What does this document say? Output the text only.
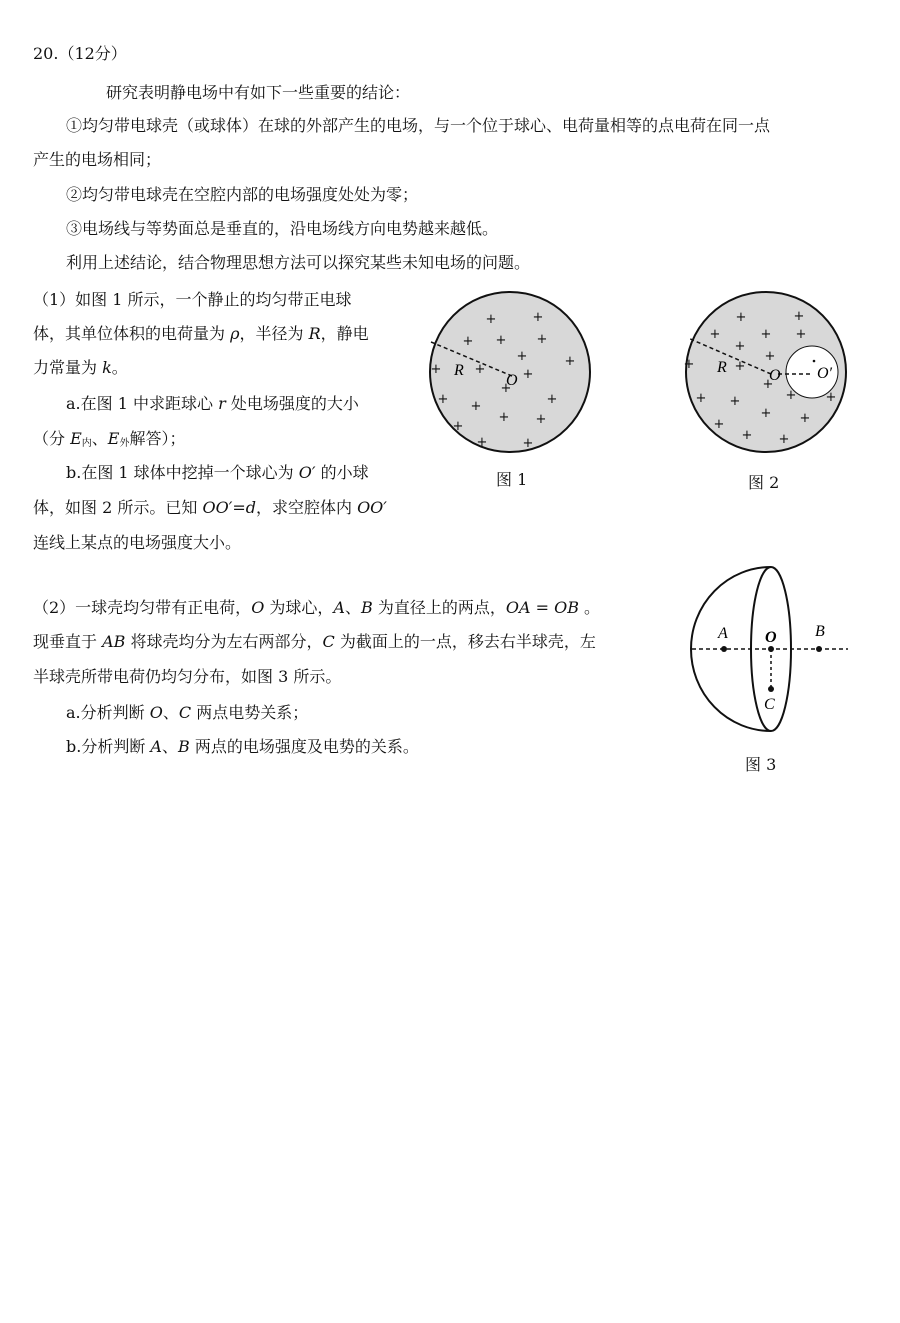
20.（12分）
研究表明静电场中有如下一些重要的结论：
①均匀带电球壳（或球体）在球的外部产生的电场，与一个位于球心、电荷量相等的点电荷在同一点
产生的电场相同；
②均匀带电球壳在空腔内部的电场强度处处为零；
③电场线与等势面总是垂直的，沿电场线方向电势越来越低。
利用上述结论，结合物理思想方法可以探究某些未知电场的问题。
（1）如图 1 所示，一个静止的均匀带正电球
体，其单位体积的电荷量为 ρ，半径为 R，静电
力常量为 k。
a.在图 1 中求距球心 r 处电场强度的大小
（分 $E_内$、$E_外$解答）；
b.在图 1 球体中挖掉一个球心为 O′ 的小球
体，如图 2 所示。已知 OO′=d，求空腔体内 OO′
连线上某点的电场强度大小。
+	+
+ + +
+	+
+	+	+
+
+ +	+
+	+
+
+	+
R
O
图 1
+	+
+	+ +
+
+
+	+
+
+
+ +	+
+ +
+
+ +
R	O O′
图 2
（2）一球壳均匀带有正电荷，O 为球心，A、B 为直径上的两点，OA = OB 。
现垂直于 AB 将球壳均分为左右两部分，C 为截面上的一点，移去右半球壳，左
半球壳所带电荷仍均匀分布，如图 3 所示。
a.分析判断 O、C 两点电势关系；
b.分析判断 A、B 两点的电场强度及电势的关系。
A O B
C
图 3
